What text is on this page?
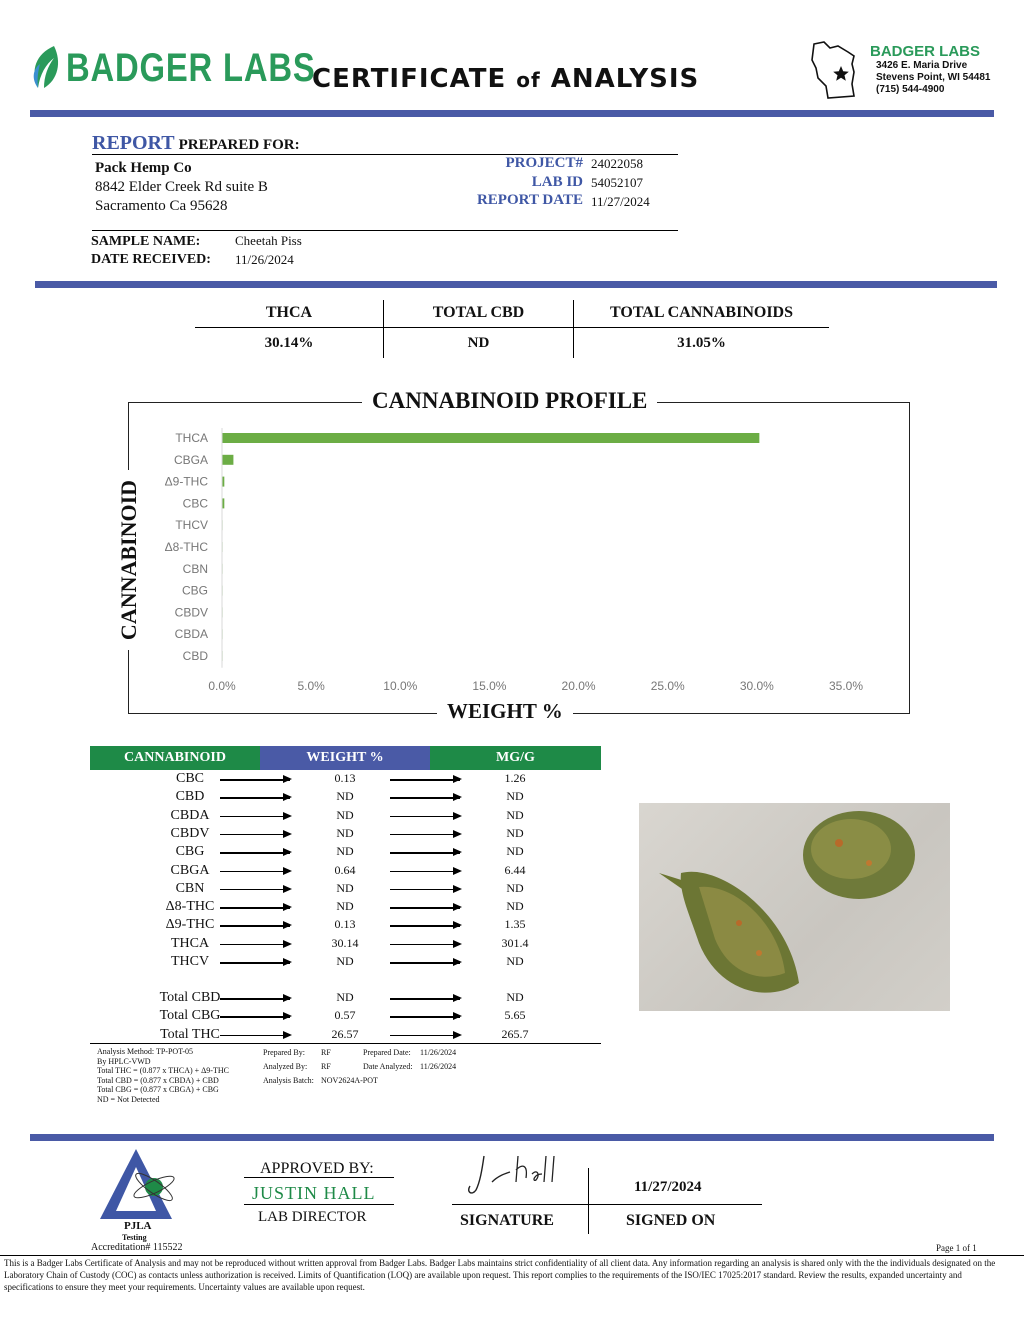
BADGER LABS
CERTIFICATE of ANALYSIS
BADGER LABS
3426 E. Maria Drive
Stevens Point, WI 54481
(715) 544-4900
REPORT PREPARED FOR:
Pack Hemp Co
8842 Elder Creek Rd suite B
Sacramento Ca 95628
PROJECT# 24022058
LAB ID 54052107
REPORT DATE 11/27/2024
SAMPLE NAME:	Cheetah Piss
DATE RECEIVED: 11/26/2024
THCA	TOTAL CBD	TOTAL CANNABINOIDS
30.14%	ND	31.05%
CANNABINOID PROFILE
WEIGHT %
CANNABINOID
THCA
CBGA
Δ9-THC
CBC
THCV
Δ8-THC
CBN
CBG
CBDV
CBDA
CBD
0.0%	5.0%	10.0%	15.0%	20.0%	25.0%	30.0%	35.0%
CANNABINOID	WEIGHT %	MG/G
CBC	0.13	1.26
CBD	ND	ND
CBDA	ND	ND
CBDV	ND	ND
CBG	ND	ND
CBGA	0.64	6.44
CBN	ND	ND
Δ8-THC	ND	ND
Δ9-THC	0.13	1.35
THCA	30.14	301.4
THCV	ND	ND
Total CBD	ND	ND
Total CBG	0.57	5.65
Total THC	26.57	265.7
Analysis Method: TP-POT-05
By HPLC-VWD
Total THC = (0.877 x THCA) + Δ9-THC
Total CBD = (0.877 x CBDA) + CBD
Total CBG = (0.877 x CBGA) + CBG
ND = Not Detected
Prepared By: RF	Prepared Date: 11/26/2024
Analyzed By: RF	Date Analyzed: 11/26/2024
Analysis Batch: NOV2624A-POT
PJLA
Testing
Accreditation# 115522
APPROVED BY:
JUSTIN HALL
LAB DIRECTOR	SIGNATURE
11/27/2024
SIGNED ON
Page 1 of 1
This is a Badger Labs Certificate of Analysis and may not be reproduced without written approval from Badger Labs. Badger Labs maintains strict confidentiality of all client data. Any information regarding an analysis is shared only with the the individuals designated on the Laboratory Chain of Custody (COC) as contacts unless authorization is received. Limits of Quantification (LOQ) are available upon request. This report complies to the requirements of the ISO/IEC 17025:2017 standard. Review the results, expanded uncertainty and specifications to ensure they meet your requirements. Uncertainty values are available upon request.
